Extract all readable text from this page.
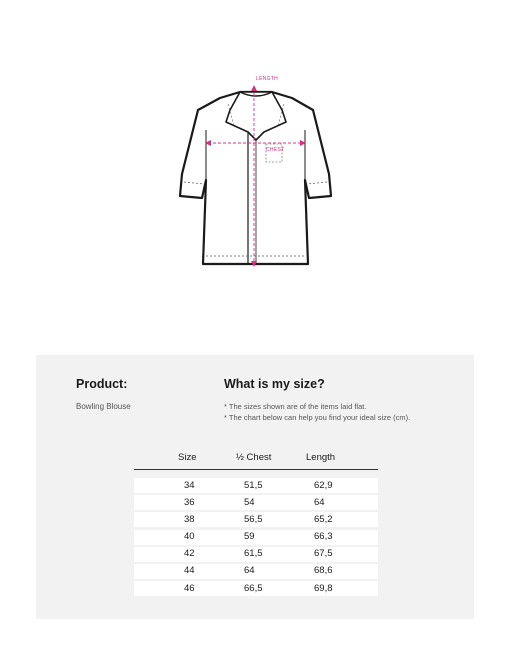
LENGTH
CHEST
Product:
Bowling Blouse
What is my size?
* The sizes shown are of the items laid flat.
* The chart below can help you find your ideal size (cm).
Size	½ Chest	Length
34	51,5	62,9
36	54	64
38	56,5	65,2
40	59	66,3
42	61,5	67,5
44	64	68,6
46	66,5	69,8
